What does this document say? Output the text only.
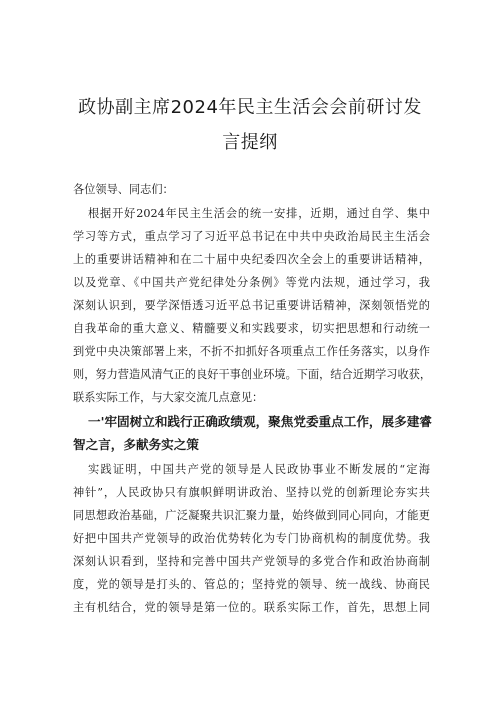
政协副主席2024年民主生活会会前研讨发
言提纲
各位领导、同志们：
根据开好2024年民主生活会的统一安排，近期，通过自学、集中
学习等方式，重点学习了习近平总书记在中共中央政治局民主生活会
上的重要讲话精神和在二十届中央纪委四次全会上的重要讲话精神，
以及党章、《中国共产党纪律处分条例》等党内法规，通过学习，我
深刻认识到，要学深悟透习近平总书记重要讲话精神，深刻领悟党的
自我革命的重大意义、精髓要义和实践要求，切实把思想和行动统一
到党中央决策部署上来，不折不扣抓好各项重点工作任务落实，以身作
则，努力营造风清气正的良好干事创业环境。下面，结合近期学习收获，
联系实际工作，与大家交流几点意见：
一'牢固树立和践行正确政绩观，聚焦党委重点工作，展多建睿
智之言，多献务实之策
实践证明，中国共产党的领导是人民政协事业不断发展的“定海
神针”，人民政协只有旗帜鲜明讲政治、坚持以党的创新理论夯实共
同思想政治基础，广泛凝聚共识汇聚力量，始终做到同心同向，才能更
好把中国共产党领导的政治优势转化为专门协商机构的制度优势。我
深刻认识看到，坚持和完善中国共产党领导的多党合作和政治协商制
度，党的领导是打头的、管总的；坚持党的领导、统一战线、协商民
主有机结合，党的领导是第一位的。联系实际工作，首先，思想上同
